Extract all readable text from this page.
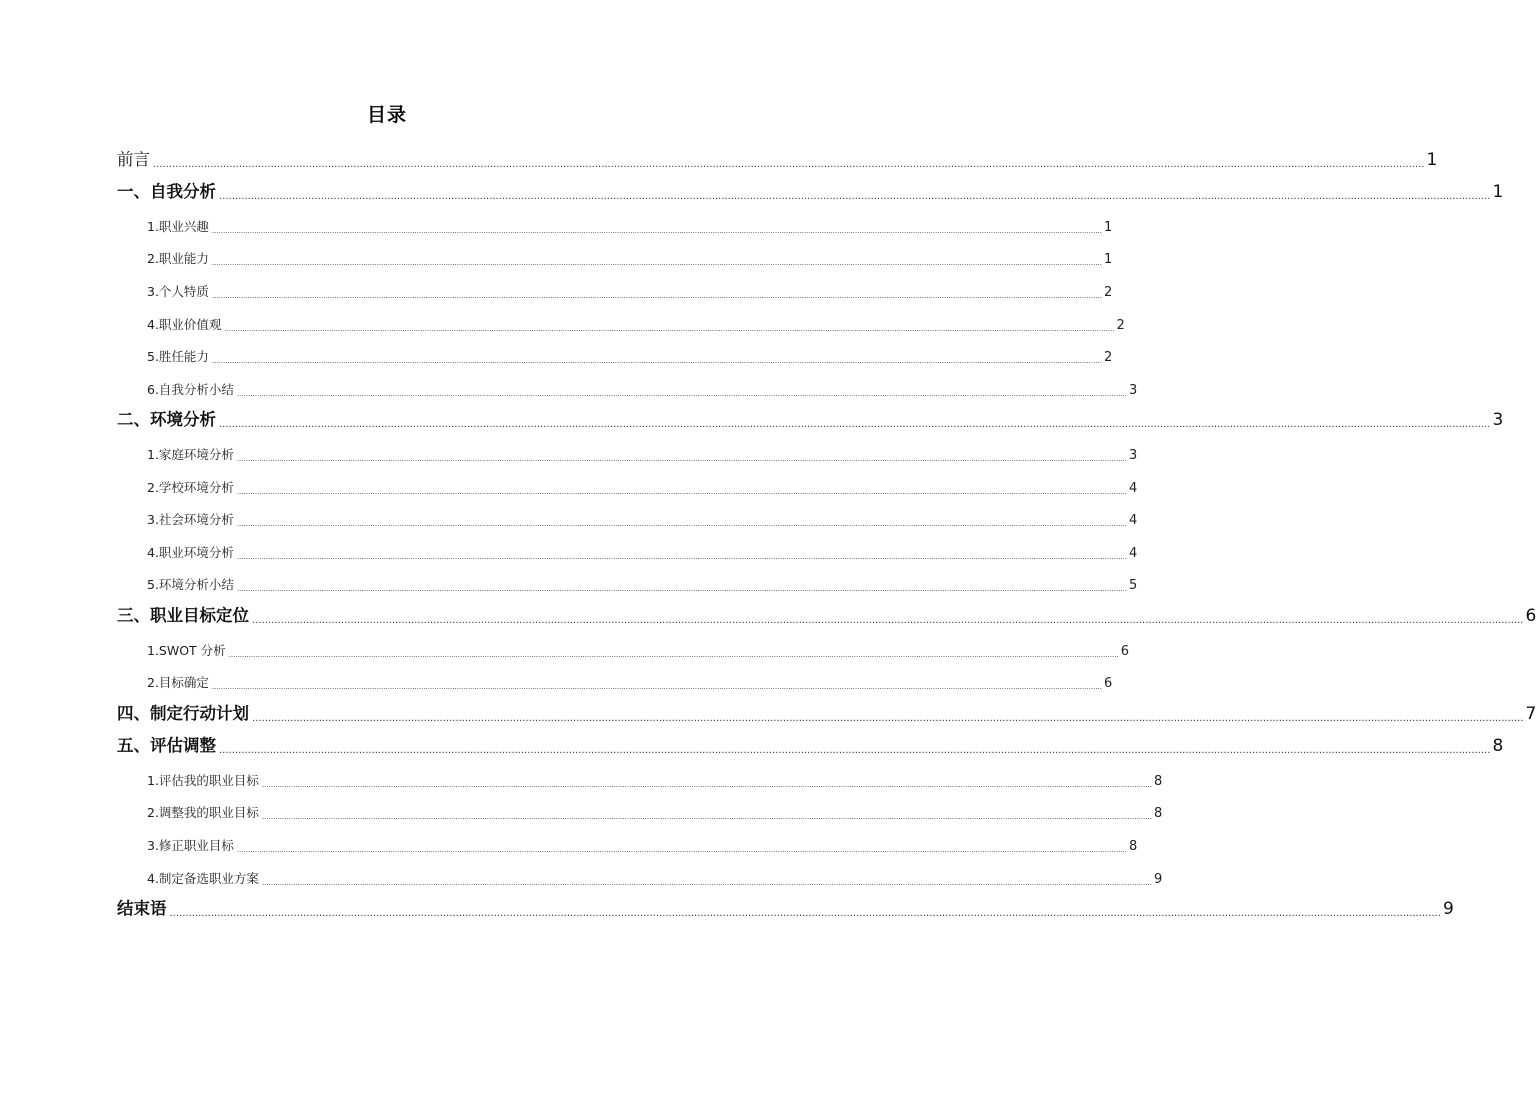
目录
前言 ................................................................................................................................................................................................................................................................................................................................................................................................................ 1
一、自我分析 ................................................................................................................................................................................................................................................................................................................................................................................................................ 1
1.职业兴趣 ................................................................................................................................................................................................................................................................................................................................................................................................................ 1
2.职业能力 ................................................................................................................................................................................................................................................................................................................................................................................................................ 1
3.个人特质 ................................................................................................................................................................................................................................................................................................................................................................................................................ 2
4.职业价值观 ................................................................................................................................................................................................................................................................................................................................................................................................................ 2
5.胜任能力 ................................................................................................................................................................................................................................................................................................................................................................................................................ 2
6.自我分析小结 ................................................................................................................................................................................................................................................................................................................................................................................................................ 3
二、环境分析 ................................................................................................................................................................................................................................................................................................................................................................................................................ 3
1.家庭环境分析 ................................................................................................................................................................................................................................................................................................................................................................................................................ 3
2.学校环境分析 ................................................................................................................................................................................................................................................................................................................................................................................................................ 4
3.社会环境分析 ................................................................................................................................................................................................................................................................................................................................................................................................................ 4
4.职业环境分析 ................................................................................................................................................................................................................................................................................................................................................................................................................ 4
5.环境分析小结 ................................................................................................................................................................................................................................................................................................................................................................................................................ 5
三、职业目标定位 ................................................................................................................................................................................................................................................................................................................................................................................................................ 6
1.SWOT 分析 ................................................................................................................................................................................................................................................................................................................................................................................................................ 6
2.目标确定 ................................................................................................................................................................................................................................................................................................................................................................................................................ 6
四、制定行动计划 ................................................................................................................................................................................................................................................................................................................................................................................................................ 7
五、评估调整 ................................................................................................................................................................................................................................................................................................................................................................................................................ 8
1.评估我的职业目标 ................................................................................................................................................................................................................................................................................................................................................................................................................ 8
2.调整我的职业目标 ................................................................................................................................................................................................................................................................................................................................................................................................................ 8
3.修正职业目标 ................................................................................................................................................................................................................................................................................................................................................................................................................ 8
4.制定备选职业方案 ................................................................................................................................................................................................................................................................................................................................................................................................................ 9
结束语 ................................................................................................................................................................................................................................................................................................................................................................................................................ 9
